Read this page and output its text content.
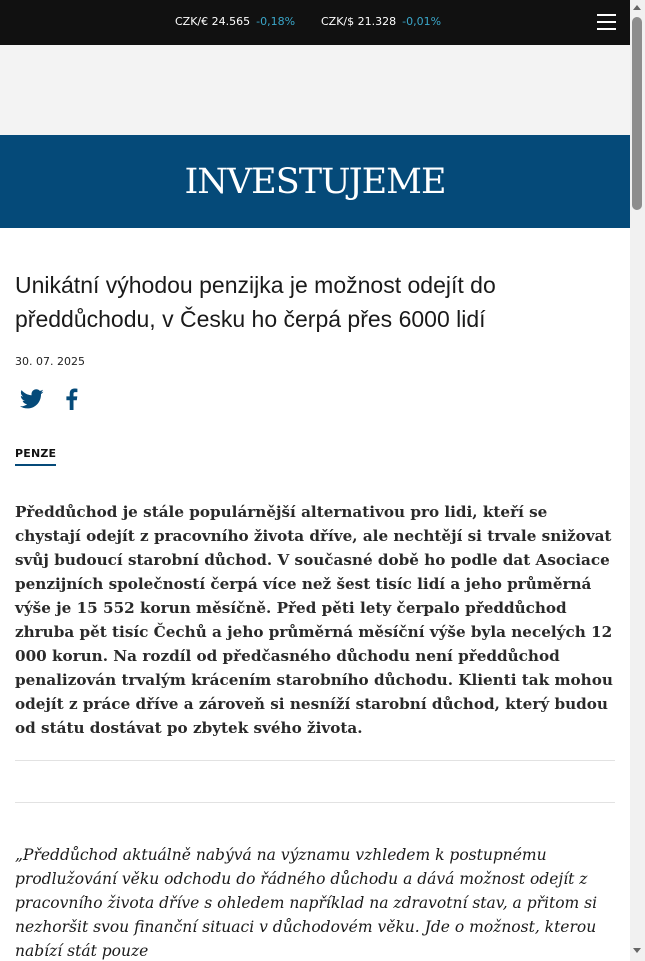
CZK/€ 24.565 -0,18% CZK/$ 21.328 -0,01%
INVESTUJEME
Unikátní výhodou penzijka je možnost odejít do předdůchodu, v Česku ho čerpá přes 6000 lidí
30. 07. 2025
PENZE

Předdůchod je stále populárnější alternativou pro lidi, kteří se chystají odejít z pracovního života dříve, ale nechtějí si trvale snižovat svůj budoucí starobní důchod. V současné době ho podle dat Asociace penzijních společností čerpá více než šest tisíc lidí a jeho průměrná výše je 15 552 korun měsíčně. Před pěti lety čerpalo předdůchod zhruba pět tisíc Čechů a jeho průměrná měsíční výše byla necelých 12 000 korun. Na rozdíl od předčasného důchodu není předdůchod penalizován trvalým krácením starobního důchodu. Klienti tak mohou odejít z práce dříve a zároveň si nesníží starobní důchod, který budou od státu dostávat po zbytek svého života.

„Předdůchod aktuálně nabývá na významu vzhledem k postupnému prodlužování věku odchodu do řádného důchodu a dává možnost odejít z pracovního života dříve s ohledem například na zdravotní stav, a přitom si nezhoršit svou finanční situaci v důchodovém věku. Jde o možnost, kterou nabízí stát pouze
